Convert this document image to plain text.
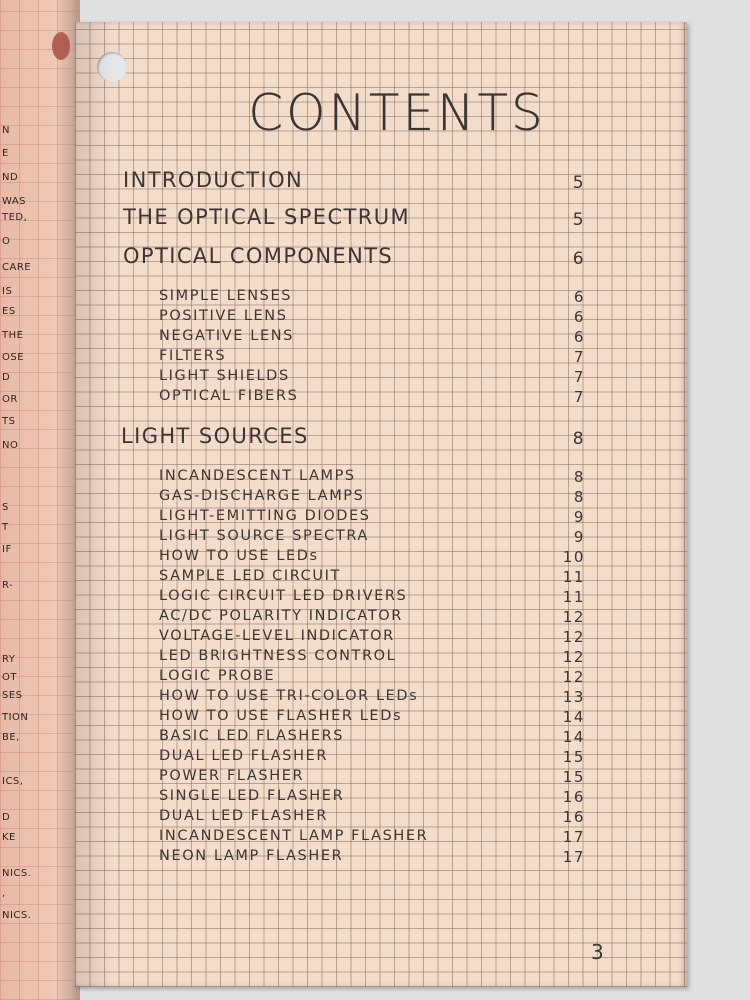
N
E
ND
WAS
TED,
O
CARE
IS
ES
THE
OSE
D
OR
TS
NO
S
T
IF
R-
RY
OT
SES
TION
BE,
ICS,
D
KE
NICS.
,
NICS.
CONTENTS
INTRODUCTION	5
THE OPTICAL SPECTRUM	5
OPTICAL COMPONENTS	6
SIMPLE LENSES	6
POSITIVE LENS	6
NEGATIVE LENS	6
FILTERS	7
LIGHT SHIELDS	7
OPTICAL FIBERS	7
LIGHT SOURCES	8
INCANDESCENT LAMPS	8
GAS-DISCHARGE LAMPS	8
LIGHT-EMITTING DIODES	9
LIGHT SOURCE SPECTRA	9
HOW TO USE LEDs	10
SAMPLE LED CIRCUIT	11
LOGIC CIRCUIT LED DRIVERS	11
AC/DC POLARITY INDICATOR	12
VOLTAGE-LEVEL INDICATOR	12
LED BRIGHTNESS CONTROL	12
LOGIC PROBE	12
HOW TO USE TRI-COLOR LEDs	13
HOW TO USE FLASHER LEDs	14
BASIC LED FLASHERS	14
DUAL LED FLASHER	15
POWER FLASHER	15
SINGLE LED FLASHER	16
DUAL LED FLASHER	16
INCANDESCENT LAMP FLASHER	17
NEON LAMP FLASHER	17
3
